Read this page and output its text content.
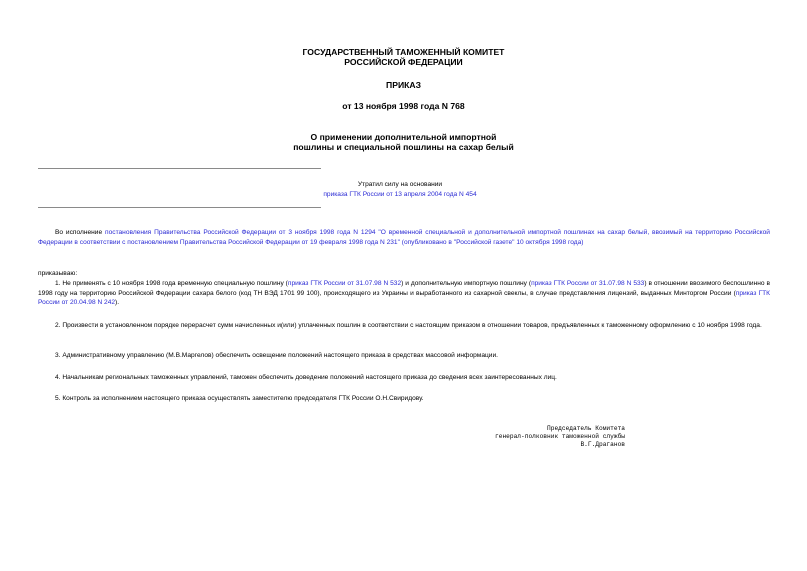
ГОСУДАРСТВЕННЫЙ ТАМОЖЕННЫЙ КОМИТЕТ
РОССИЙСКОЙ ФЕДЕРАЦИИ
ПРИКАЗ
от 13 ноября 1998 года N 768
О применении дополнительной импортной
пошлины и специальной пошлины на сахар белый
Утратил силу на основании
приказа ГТК России от 13 апреля 2004 года N 454
Во исполнение постановления Правительства Российской Федерации от 3 ноября 1998 года N 1294 "О временной специальной и дополнительной импортной пошлинах на сахар белый, ввозимый на территорию Российской Федерации в соответствии с постановлением Правительства Российской Федерации от 19 февраля 1998 года N 231" (опубликовано в "Российской газете" 10 октября 1998 года)
приказываю:
1. Не применять с 10 ноября 1998 года временную специальную пошлину (приказ ГТК России от 31.07.98 N 532) и дополнительную импортную пошлину (приказ ГТК России от 31.07.98 N 533) в отношении ввозимого беспошлинно в 1998 году на территорию Российской Федерации сахара белого (код ТН ВЭД 1701 99 100), происходящего из Украины и выработанного из сахарной свеклы, в случае представления лицензий, выданных Минторгом России (приказ ГТК России от 20.04.98 N 242).
2. Произвести в установленном порядке перерасчет сумм начисленных и(или) уплаченных пошлин в соответствии с настоящим приказом в отношении товаров, предъявленных к таможенному оформлению с 10 ноября 1998 года.
3. Административному управлению (М.В.Маргелов) обеспечить освещение положений настоящего приказа в средствах массовой информации.
4. Начальникам региональных таможенных управлений, таможен обеспечить доведение положений настоящего приказа до сведения всех заинтересованных лиц.
5. Контроль за исполнением настоящего приказа осуществлять заместителю председателя ГТК России О.Н.Свиридову.
Председатель Комитета
генерал-полковник таможенной службы
В.Г.Драганов
